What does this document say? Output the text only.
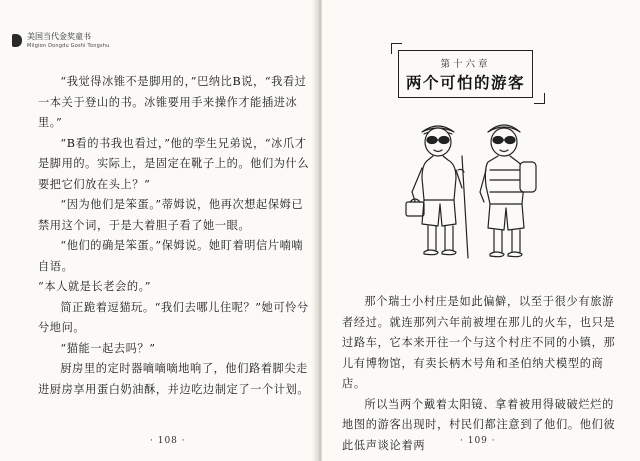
美国当代金奖童书
Milgion Dongdu Goshi Tongshu

“我觉得冰锥不是脚用的，”巴纳比B说，“我看过一本关于登山的书。冰锥要用手来操作才能插进冰里。”

“B看的书我也看过，”他的孪生兄弟说，“冰爪才是脚用的。实际上，是固定在靴子上的。他们为什么要把它们放在头上？”

“因为他们是笨蛋。”蒂姆说，他再次想起保姆已禁用这个词，于是大着胆子看了她一眼。

“他们的确是笨蛋。”保姆说。她盯着明信片喃喃自语。

“本人就是长老会的。”

简正跪着逗猫玩。“我们去哪儿住呢？”她可怜兮兮地问。

“猫能一起去吗？”

厨房里的定时器嘀嘀嘀地响了，他们路着脚尖走进厨房享用蛋白奶油酥，并边吃边制定了一个计划。

· 108 ·
第十六章
两个可怕的游客

那个瑞士小村庄是如此偏僻，以至于很少有旅游者经过。就连那列六年前被埋在那儿的火车，也只是过路车，它本来开往一个与这个村庄不同的小镇，那儿有博物馆，有卖长柄木号角和圣伯纳犬模型的商店。

所以当两个戴着太阳镜、拿着被用得破破烂烂的地图的游客出现时，村民们都注意到了他们。他们彼此低声谈论着两	· 109 ·
